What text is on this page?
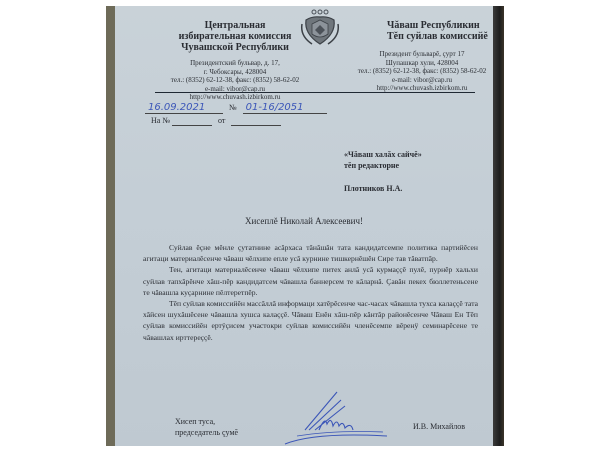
Центральная
избирательная комиссия
Чувашской Республики
Президентский бульвар, д. 17,
г. Чебоксары, 428004
тел.: (8352) 62-12-38, факс: (8352) 58-62-02
e-mail: vibor@cap.ru
http://www.chuvash.izbirkom.ru
Чăваш Республикин
Тĕп суйлав комиссийĕ
Президент бульварĕ, çурт 17
Шупашкар хули, 428004
тел.: (8352) 62-12-38, факс: (8352) 58-62-02
e-mail: vibor@cap.ru
http://www.chuvash.izbirkom.ru
16.09.2021	№ 01-16/2051
На №	от
«Чăваш халăх сайчĕ»
тĕп редакторне
Плотников Н.А.
Хисеплĕ Николай Алексеевич!

Суйлав ĕçне мĕнле çутатнине асăрхаса тăнăшăн тата кандидатсемпе политика партийĕсен агитаци материалĕсенче чăваш чĕлхипе епле усă курнине тишкернĕшĕн Сире тав тăватпăр.

Тен, агитаци материалĕсенче чăваш чĕлхипе питех анлă усă курмаççĕ пулĕ, пурнĕр хальхи суйлав тапхăрĕнче хăш-пĕр кандидатсем чăвашла баннерсем те кăларнă. Çавăн пекех бюллетеньсене те чăвашла куçарнине пĕлтеретпĕр.

Тĕп суйлав комиссийĕн массăллă информаци хатĕрĕсенче час-часах чăвашла тухса калаççĕ тата хăйсен шухăшĕсене чăвашла хушса калаççĕ. Чăваш Енĕн хăш-пĕр кăнтăр районĕсенче Чăваш Ен Тĕп суйлав комиссийĕн ертÿçисем участокри суйлав комиссийĕн членĕсемпе вĕренÿ семинарĕсене те чăвашлах ирттереççĕ.

Хисеп туса,
председатель çумĕ
И.В. Михайлов
